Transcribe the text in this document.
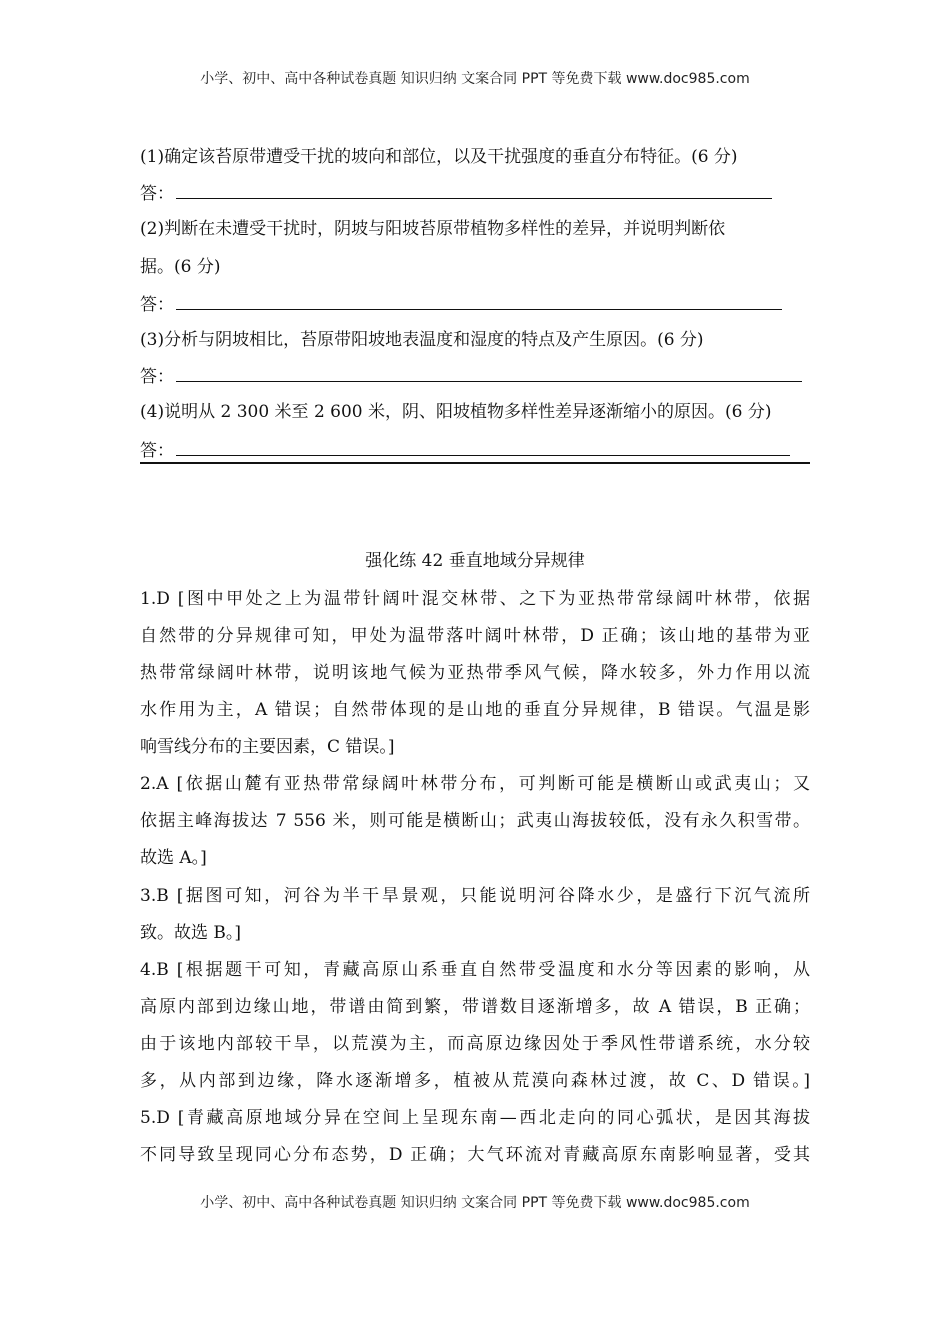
小学、初中、高中各种试卷真题 知识归纳 文案合同 PPT 等免费下载 www.doc985.com
(1)确定该苔原带遭受干扰的坡向和部位，以及干扰强度的垂直分布特征。(6 分)
答：
(2)判断在未遭受干扰时，阴坡与阳坡苔原带植物多样性的差异，并说明判断依
据。(6 分)
答：
(3)分析与阴坡相比，苔原带阳坡地表温度和湿度的特点及产生原因。(6 分)
答：
(4)说明从 2 300 米至 2 600 米，阴、阳坡植物多样性差异逐渐缩小的原因。(6 分)
答：
强化练 42 垂直地域分异规律
1.D [图中甲处之上为温带针阔叶混交林带、之下为亚热带常绿阔叶林带，依据
自然带的分异规律可知，甲处为温带落叶阔叶林带，D 正确；该山地的基带为亚
热带常绿阔叶林带，说明该地气候为亚热带季风气候，降水较多，外力作用以流
水作用为主，A 错误；自然带体现的是山地的垂直分异规律，B 错误。气温是影
响雪线分布的主要因素，C 错误。]
2.A [依据山麓有亚热带常绿阔叶林带分布，可判断可能是横断山或武夷山；又
依据主峰海拔达 7 556 米，则可能是横断山；武夷山海拔较低，没有永久积雪带。
故选 A。]
3.B [据图可知，河谷为半干旱景观，只能说明河谷降水少，是盛行下沉气流所
致。故选 B。]
4.B [根据题干可知，青藏高原山系垂直自然带受温度和水分等因素的影响，从
高原内部到边缘山地，带谱由简到繁，带谱数目逐渐增多，故 A 错误，B 正确；
由于该地内部较干旱，以荒漠为主，而高原边缘因处于季风性带谱系统，水分较
多，从内部到边缘，降水逐渐增多，植被从荒漠向森林过渡，故 C、D 错误。]
5.D [青藏高原地域分异在空间上呈现东南—西北走向的同心弧状，是因其海拔
不同导致呈现同心分布态势，D 正确；大气环流对青藏高原东南影响显著，受其
小学、初中、高中各种试卷真题 知识归纳 文案合同 PPT 等免费下载 www.doc985.com
